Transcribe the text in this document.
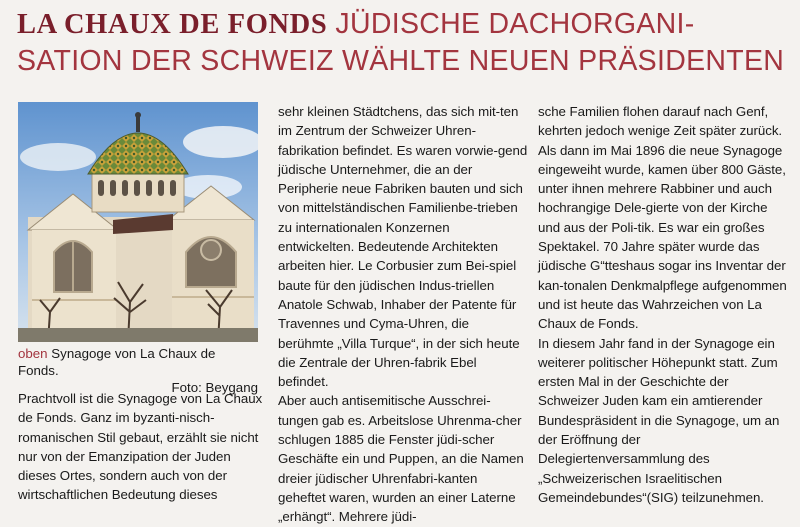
LA CHAUX DE FONDS JÜDISCHE DACHORGANI-SATION DER SCHWEIZ WÄHLTE NEUEN PRÄSIDENTEN
oben Synagoge von La Chaux de Fonds.
Foto: Beygang

Prachtvoll ist die Synagoge von La Chaux de Fonds. Ganz im byzanti-nisch-romanischen Stil gebaut, erzählt sie nicht nur von der Emanzipation der Juden dieses Ortes, sondern auch von der wirtschaftlichen Bedeutung dieses

sehr kleinen Städtchens, das sich mit-ten im Zentrum der Schweizer Uhren-fabrikation befindet. Es waren vorwie-gend jüdische Unternehmer, die an der Peripherie neue Fabriken bauten und sich von mittelständischen Familienbe-trieben zu internationalen Konzernen entwickelten. Bedeutende Architekten arbeiten hier. Le Corbusier zum Bei-spiel baute für den jüdischen Indus-triellen Anatole Schwab, Inhaber der Patente für Travennes und Cyma-Uhren, die berühmte „Villa Turque“, in der sich heute die Zentrale der Uhren-fabrik Ebel befindet.

Aber auch antisemitische Ausschrei-tungen gab es. Arbeitslose Uhrenma-cher schlugen 1885 die Fenster jüdi-scher Geschäfte ein und Puppen, an die Namen dreier jüdischer Uhrenfabri-kanten geheftet waren, wurden an einer Laterne „erhängt“. Mehrere jüdi-

sche Familien flohen darauf nach Genf, kehrten jedoch wenige Zeit später zurück. Als dann im Mai 1896 die neue Synagoge eingeweiht wurde, kamen über 800 Gäste, unter ihnen mehrere Rabbiner und auch hochrangige Dele-gierte von der Kirche und aus der Poli-tik. Es war ein großes Spektakel. 70 Jahre später wurde das jüdische G“tteshaus sogar ins Inventar der kan-tonalen Denkmalpflege aufgenommen und ist heute das Wahrzeichen von La Chaux de Fonds.

In diesem Jahr fand in der Synagoge ein weiterer politischer Höhepunkt statt. Zum ersten Mal in der Geschichte der Schweizer Juden kam ein amtierender Bundespräsident in die Synagoge, um an der Eröffnung der Delegiertenversammlung des „Schweizerischen Israelitischen Gemeindebundes“(SIG) teilzunehmen.
